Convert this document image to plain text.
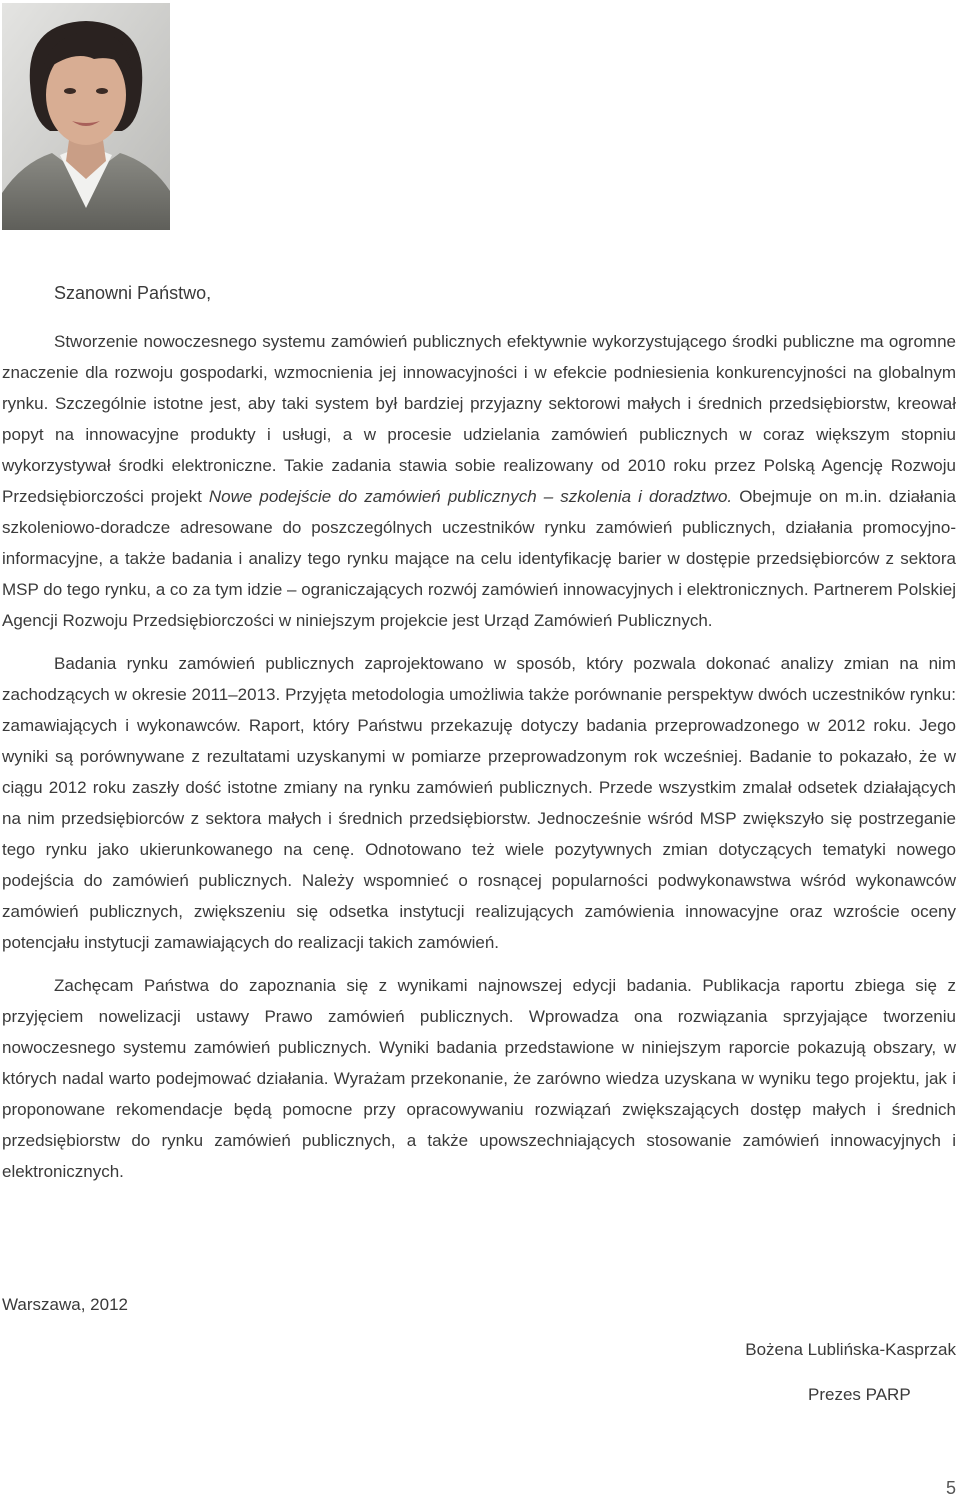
Szanowni Państwo,

Stworzenie nowoczesnego systemu zamówień publicznych efektywnie wykorzystującego środki publiczne ma ogromne znaczenie dla rozwoju gospodarki, wzmocnienia jej innowacyjności i w efekcie podniesienia konkurencyjności na globalnym rynku. Szczególnie istotne jest, aby taki system był bardziej przyjazny sektorowi małych i średnich przedsiębiorstw, kreował popyt na innowacyjne produkty i usługi, a w procesie udzielania zamówień publicznych w coraz większym stopniu wykorzystywał środki elektroniczne. Takie zadania stawia sobie realizowany od 2010 roku przez Polską Agencję Rozwoju Przedsiębiorczości projekt Nowe podejście do zamówień publicznych – szkolenia i doradztwo. Obejmuje on m.in. działania szkoleniowo-doradcze adresowane do poszczególnych uczestników rynku zamówień publicznych, działania promocyjno-informacyjne, a także badania i analizy tego rynku mające na celu identyfikację barier w dostępie przedsiębiorców z sektora MSP do tego rynku, a co za tym idzie – ograniczających rozwój zamówień innowacyjnych i elektronicznych. Partnerem Polskiej Agencji Rozwoju Przedsiębiorczości w niniejszym projekcie jest Urząd Zamówień Publicznych.

Badania rynku zamówień publicznych zaprojektowano w sposób, który pozwala dokonać analizy zmian na nim zachodzących w okresie 2011–2013. Przyjęta metodologia umożliwia także porównanie perspektyw dwóch uczestników rynku: zamawiających i wykonawców. Raport, który Państwu przekazuję dotyczy badania przeprowadzonego w 2012 roku. Jego wyniki są porównywane z rezultatami uzyskanymi w pomiarze przeprowadzonym rok wcześniej. Badanie to pokazało, że w ciągu 2012 roku zaszły dość istotne zmiany na rynku zamówień publicznych. Przede wszystkim zmalał odsetek działających na nim przedsiębiorców z sektora małych i średnich przedsiębiorstw. Jednocześnie wśród MSP zwiększyło się postrzeganie tego rynku jako ukierunkowanego na cenę. Odnotowano też wiele pozytywnych zmian dotyczących tematyki nowego podejścia do zamówień publicznych. Należy wspomnieć o rosnącej popularności podwykonawstwa wśród wykonawców zamówień publicznych, zwiększeniu się odsetka instytucji realizujących zamówienia innowacyjne oraz wzroście oceny potencjału instytucji zamawiających do realizacji takich zamówień.

Zachęcam Państwa do zapoznania się z wynikami najnowszej edycji badania. Publikacja raportu zbiega się z przyjęciem nowelizacji ustawy Prawo zamówień publicznych. Wprowadza ona rozwiązania sprzyjające tworzeniu nowoczesnego systemu zamówień publicznych. Wyniki badania przedstawione w niniejszym raporcie pokazują obszary, w których nadal warto podejmować działania. Wyrażam przekonanie, że zarówno wiedza uzyskana w wyniku tego projektu, jak i proponowane rekomendacje będą pomocne przy opracowywaniu rozwiązań zwiększających dostęp małych i średnich przedsiębiorstw do rynku zamówień publicznych, a także upowszechniających stosowanie zamówień innowacyjnych i elektronicznych.

Warszawa, 2012

Bożena Lublińska-Kasprzak

Prezes PARP

5
